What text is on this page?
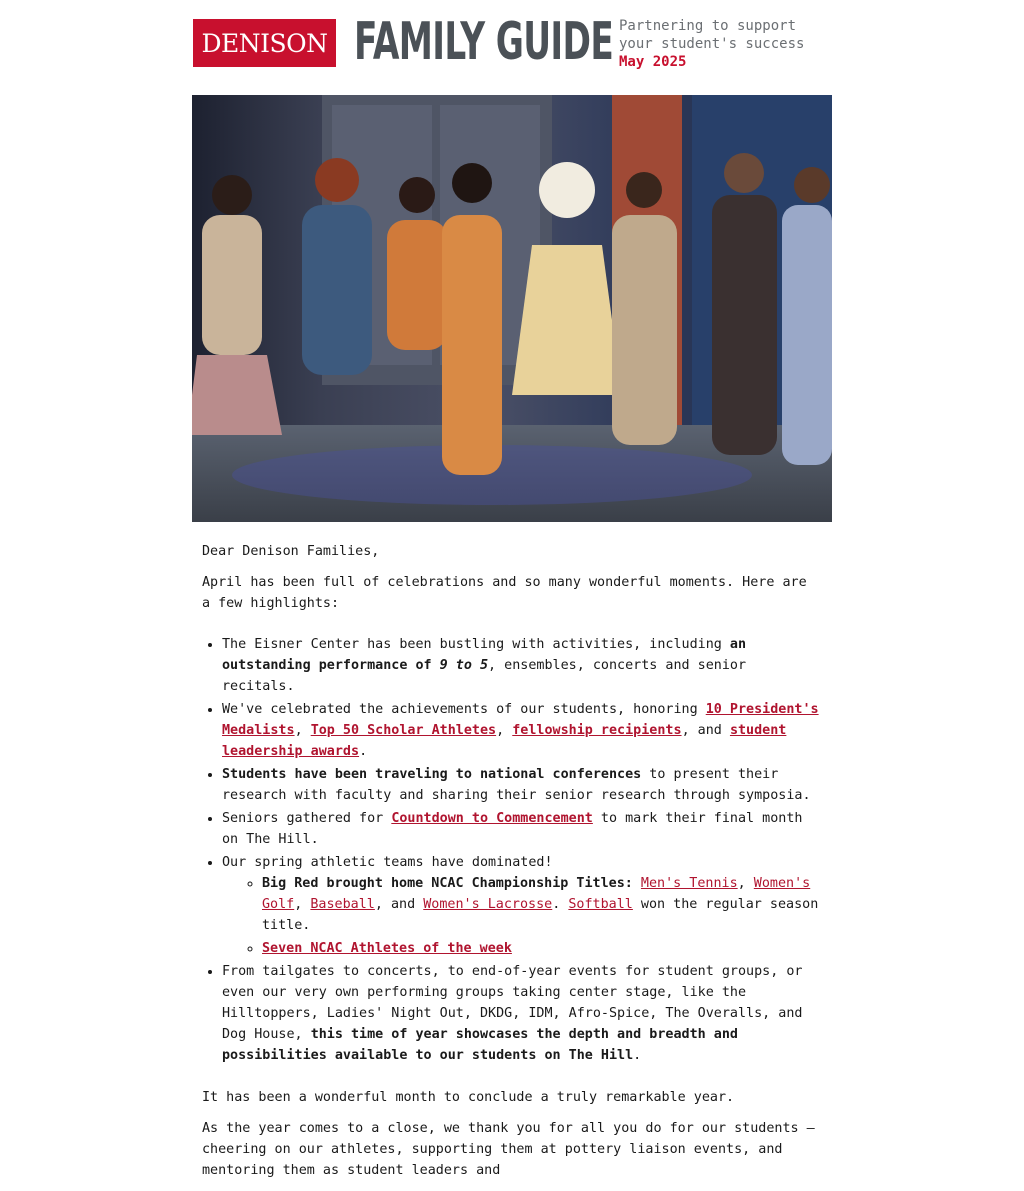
DENISON FAMILY GUIDE Partnering to support your student's success
May 2025

Dear Denison Families,

April has been full of celebrations and so many wonderful moments. Here are a few highlights:

• The Eisner Center has been bustling with activities, including an outstanding performance of 9 to 5, ensembles, concerts and senior recitals.
• We've celebrated the achievements of our students, honoring 10 President's Medalists, Top 50 Scholar Athletes, fellowship recipients, and student leadership awards.
• Students have been traveling to national conferences to present their research with faculty and sharing their senior research through symposia.
• Seniors gathered for Countdown to Commencement to mark their final month on The Hill.
• Our spring athletic teams have dominated!
◦ Big Red brought home NCAC Championship Titles: Men's Tennis, Women's Golf, Baseball, and Women's Lacrosse. Softball won the regular season title.
◦ Seven NCAC Athletes of the week
• From tailgates to concerts, to end-of-year events for student groups, or even our very own performing groups taking center stage, like the Hilltoppers, Ladies' Night Out, DKDG, IDM, Afro-Spice, The Overalls, and Dog House, this time of year showcases the depth and breadth and possibilities available to our students on The Hill.

It has been a wonderful month to conclude a truly remarkable year.

As the year comes to a close, we thank you for all you do for our students — cheering on our athletes, supporting them at pottery liaison events, and mentoring them as student leaders and
